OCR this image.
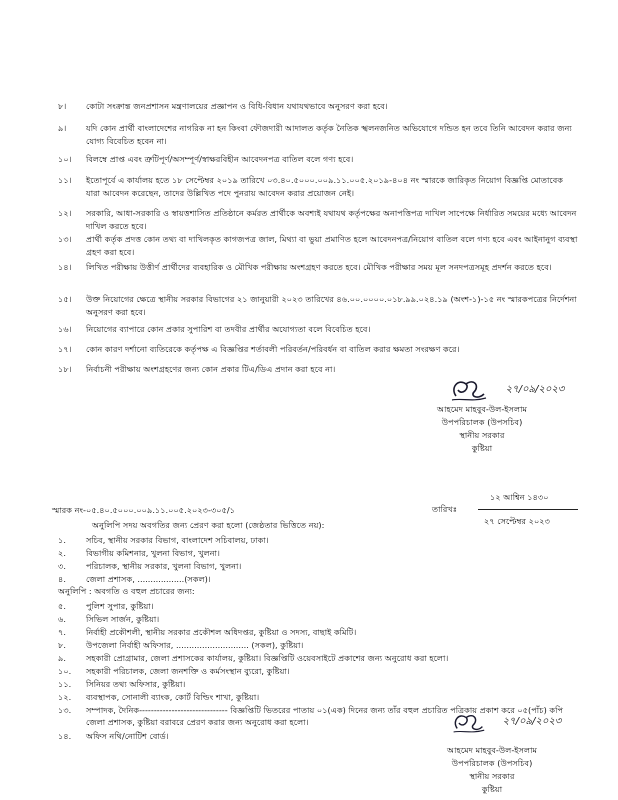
৮।	কোটা সংক্রান্ত জনপ্রশাসন মন্ত্রণালয়ের প্রজ্ঞাপন ও বিধি-বিধান যথাযথভাবে অনুসরণ করা হবে।
৯।	যদি কোন প্রার্থী বাংলাদেশের নাগরিক না হন কিংবা ফৌজদারী আদালত কর্তৃক নৈতিক স্খলনজনিত অভিযোগে দন্ডিত হন তবে তিনি আবেদন করার জন্য যোগ্য বিবেচিত হবেন না।
১০।	বিলম্বে প্রাপ্ত এবং ত্রুটিপূর্ণ/অসম্পূর্ণ/স্বাক্ষরবিহীন আবেদনপত্র বাতিল বলে গণ্য হবে।
১১।	ইতোপূর্বে এ কার্যালয় হতে ১৮ সেপ্টেম্বর ২০১৯ তারিখে ০৩.৪০.৫০০০.০০৯.১১.০০৫.২০১৯-৪০৪ নং স্মারকে জারিকৃত নিয়োগ বিজ্ঞপ্তি মোতাবেক যারা আবেদন করেছেন, তাদের উল্লিখিত পদে পুনরায় আবেদন করার প্রয়োজন নেই।
১২।	সরকারি, আধা-সরকারি ও স্বায়ত্তশাসিত প্রতিষ্ঠানে কর্মরত প্রার্থীকে অবশ্যই যথাযথ কর্তৃপক্ষের অনাপত্তিপত্র দাখিল সাপেক্ষে নির্ধারিত সময়ের মধ্যে আবেদন দাখিল করতে হবে।
১৩।	প্রার্থী কর্তৃক প্রদত্ত কোন তথ্য বা দাখিলকৃত কাগজপত্র জাল, মিথ্যা বা ভুয়া প্রমাণিত হলে আবেদনপত্র/নিয়োগ বাতিল বলে গণ্য হবে এবং আইনানুগ ব্যবস্থা গ্রহণ করা হবে।
১৪।	লিখিত পরীক্ষায় উত্তীর্ণ প্রার্থীদের ব্যবহারিক ও মৌখিক পরীক্ষায় অংশগ্রহণ করতে হবে। মৌখিক পরীক্ষার সময় মূল সনদপত্রসমূহ প্রদর্শন করতে হবে।
১৫।	উক্ত নিয়োগের ক্ষেত্রে স্থানীয় সরকার বিভাগের ২১ জানুয়ারী ২০২৩ তারিখের ৪৬.০০.০০০০.০১৮.৯৯.০২৪.১৯ (অংশ-১)-১৫ নং স্মারকপত্রের নির্দেশনা অনুসরণ করা হবে।
১৬।	নিয়োগের ব্যাপারে কোন প্রকার সুপারিশ বা তদবীর প্রার্থীর অযোগ্যতা বলে বিবেচিত হবে।
১৭।	কোন কারণ দর্শানো ব্যতিরেকে কর্তৃপক্ষ এ বিজ্ঞপ্তির শর্তাবলী পরিবর্তন/পরিবর্ধন বা বাতিল করার ক্ষমতা সংরক্ষণ করে।
১৮।	নির্বাচনী পরীক্ষায় অংশগ্রহণের জন্য কোন প্রকার টিএ/ডিএ প্রদান করা হবে না।
২৭/০৯/২০২৩
আহমেদ মাহবুব-উল-ইসলাম
উপপরিচালক (উপসচিব)
স্থানীয় সরকার
কুষ্টিয়া
স্মারক নং-০৫.৪০.৫০০০.০০৯.১১.০০৫.২০২৩-৩০৫/১	তারিখঃ
১২ আশ্বিন ১৪৩০
২৭ সেপ্টেম্বর ২০২৩
অনুলিপি সদয় অবগতির জন্য প্রেরণ করা হলো (জেষ্ঠতার ভিত্তিতে নয়):
১. সচিব, স্থানীয় সরকার বিভাগ, বাংলাদেশ সচিবালয়, ঢাকা।
২. বিভাগীয় কমিশনার, খুলনা বিভাগ, খুলনা।
৩. পরিচালক, স্থানীয় সরকার, খুলনা বিভাগ, খুলনা।
৪. জেলা প্রশাসক, ..................(সকল)।
অনুলিপি : অবগতি ও বহুল প্রচারের জন্য:
৫. পুলিশ সুপার, কুষ্টিয়া।
৬. সিভিল সার্জন, কুষ্টিয়া।
৭. নির্বাহী প্রকৌশলী, স্থানীয় সরকার প্রকৌশল অধিদপ্তর, কুষ্টিয়া ও সদস্য, বাছাই কমিটি।
৮. উপজেলা নির্বাহী অফিসার, ............................ (সকল), কুষ্টিয়া।
৯. সহকারী প্রোগ্রামার, জেলা প্রশাসকের কার্যালয়, কুষ্টিয়া। বিজ্ঞপ্তিটি ওয়েবসাইটে প্রকাশের জন্য অনুরোধ করা হলো।
১০. সহকারী পরিচালক, জেলা জনশক্তি ও কর্মসংস্থান ব্যুরো, কুষ্টিয়া।
১১. সিনিয়র তথ্য অফিসার, কুষ্টিয়া।
১২. ব্যবস্থাপক, সোনালী ব্যাংক, কোর্ট বিল্ডিং শাখা, কুষ্টিয়া।
১৩. সম্পাদক, দৈনিক------------------------------ বিজ্ঞপ্তিটি ভিতরের পাতায় ০১(এক) দিনের জন্য তাঁর বহুল প্রচারিত পত্রিকায় প্রকাশ করে ০৫(পাঁচ) কপি জেলা প্রশাসক, কুষ্টিয়া বরাবরে প্রেরণ করার জন্য অনুরোধ করা হলো।
১৪. অফিস নথি/নোটিশ বোর্ড।
২৭/০৯/২০২৩
আহমেদ মাহবুব-উল-ইসলাম
উপপরিচালক (উপসচিব)
স্থানীয় সরকার
কুষ্টিয়া
